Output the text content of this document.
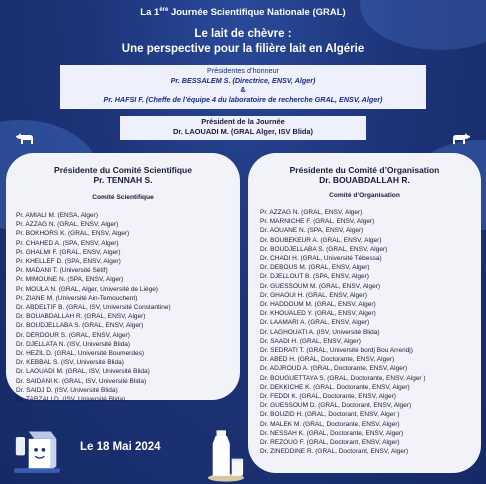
La 1ère Journée Scientifique Nationale (GRAL)
Le lait de chèvre :
Une perspective pour la filière lait en Algérie
Présidentes d’honneur
Pr. BESSALEM S. (Directrice, ENSV, Alger)
&
Pr. HAFSI F. (Cheffe de l’équipe 4 du laboratoire de recherche GRAL, ENSV, Alger)
Président de la Journée
Dr. LAOUADI M. (GRAL Alger, ISV Blida)
Présidente du Comité Scientifique
Pr. TENNAH S.
Comité Scientifique
Pr. AMIALI M. (ENSA, Alger)
Pr. AZZAG N. (GRAL, ENSV, Alger)
Pr. BOKHORS K. (GRAL, ENSV, Alger)
Pr. CHAHED A. (SPA, ENSV, Alger)
Pr. GHALMI F. (GRAL, ENSV, Alger)
Pr. KHELLEF D. (SPA, ENSV, Alger)
Pr. MADANI T. (Université Sétif)
Pr. MIMOUNE N. (SPA, ENSV, Alger)
Pr. MOULA N. (GRAL, Alger, Université de Liège)
Pr. ZIANE M. (Université Ain-Temouchent)
Dr. ABDELTIF B. (GRAL, ISV, Université Constantine)
Dr. BOUABDALLAH R. (GRAL, ENSV, Alger)
Dr. BOUDJELLABA S. (GRAL, ENSV, Alger)
Dr. DERDOUR S. (GRAL, ENSV, Alger)
Dr. DJELLATA N. (ISV, Université Blida)
Dr. HEZIL D. (GRAL, Université Boumerdes)
Dr. KEBBAL S. (ISV, Université Blida)
Dr. LAOUADI M. (GRAL, ISV, Université Blida)
Dr. SAIDANI K. (GRAL, ISV, Université Blida)
Dr. SAIDJ D. (ISV, Université Blida)
Dr. TARZALI D. (ISV, Université Blida)
Présidente du Comité d’Organisation
Dr. BOUABDALLAH R.
Comité d’Organisation
Pr. AZZAG N. (GRAL, ENSV, Alger)
Pr. MARNICHE F. (GRAL, ENSV, Alger)
Dr. AOUANE N. (SPA, ENSV, Alger)
Dr. BOUBEKEUR A. (GRAL, ENSV, Alger)
Dr. BOUDJELLABA S. (GRAL, ENSV, Alger)
Dr. CHADI H. (GRAL, Université Tébessa)
Dr. DEBOUS M. (GRAL, ENSV, Alger)
Dr. DJELLOUT B. (SPA, ENSV, Alger)
Dr. GUESSOUM M. (GRAL, ENSV, Alger)
Dr. GHAOUI H. (GRAL, ENSV, Alger)
Dr. HADDOUM M. (GRAL, ENSV, Alger)
Dr. KHOUALED Y. (GRAL, ENSV, Alger)
Dr. LAAMARI A. (GRAL, ENSV, Alger)
Dr. LAGHOUATI A. (ISV, Université Blida)
Dr. SAADI H. (GRAL, ENSV, Alger)
Dr. SEDRATI T. (GRAL, Université bordj Bou Arreridj)
Dr. ABED H. (GRAL, Doctorante, ENSV, Alger)
Dr. ADJROUD A. (GRAL, Doctorante, ENSV, Alger)
Dr. BOUGUETTAYA S. (GRAL, Doctorante, ENSV, Alger )
Dr. DEKKICHE K. (GRAL, Doctorante, ENSV, Alger)
Dr. FEDDI K. (GRAL, Doctorante, ENSV, Alger)
Dr. GUESSOUM D. (GRAL, Doctorant, ENSV, Alger)
Dr. BOUZID H. (GRAL, Doctorant, ENSV, Alger )
Dr. MALEK M. (GRAL, Doctorante, ENSV, Alger)
Dr. NESSAH K. (GRAL, Doctorante, ENSV, Alger)
Dr. REZOUG F. (GRAL, Doctorant, ENSV, Alger)
Dr. ZINEDDINE R. (GRAL, Doctorant, ENSV, Alger)
Le 18 Mai 2024
